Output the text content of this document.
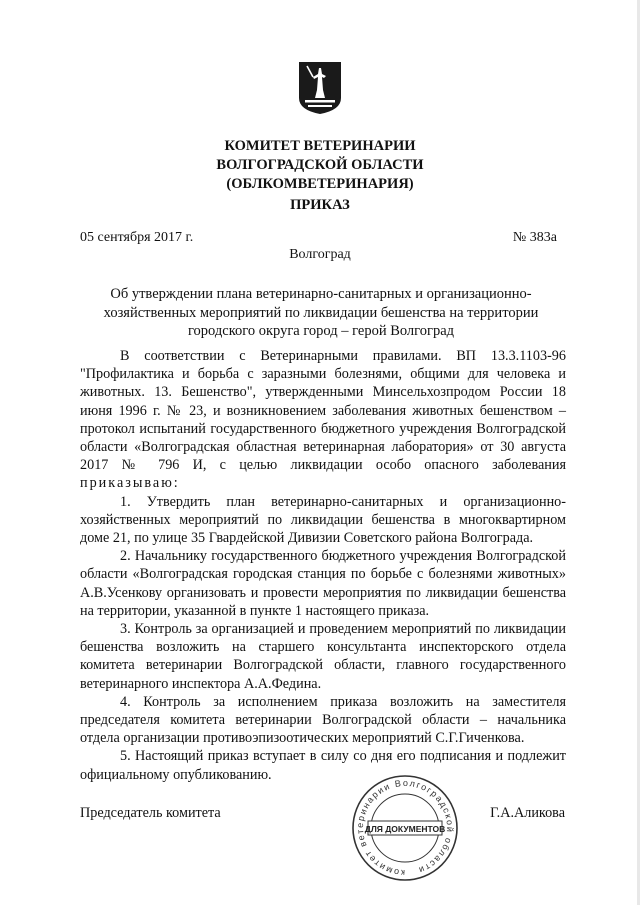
КОМИТЕТ ВЕТЕРИНАРИИ
ВОЛГОГРАДСКОЙ ОБЛАСТИ
(ОБЛКОМВЕТЕРИНАРИЯ)
ПРИКАЗ
05 сентября 2017 г.	№ 383а
Волгоград
Об утверждении плана ветеринарно-санитарных и организационно-
хозяйственных мероприятий по ликвидации бешенства на территории
городского округа город – герой Волгоград

В соответствии с Ветеринарными правилами. ВП 13.3.1103-96 "Профилактика и борьба с заразными болезнями, общими для человека и животных. 13. Бешенство", утвержденными Минсельхозпродом России 18 июня 1996 г. № 23, и возникновением заболевания животных бешенством – протокол испытаний государственного бюджетного учреждения Волгоградской области «Волгоградская областная ветеринарная лаборатория» от 30 августа 2017 № 796 И, с целью ликвидации особо опасного заболевания приказываю:

1. Утвердить план ветеринарно-санитарных и организационно-хозяйственных мероприятий по ликвидации бешенства в многоквартирном доме 21, по улице 35 Гвардейской Дивизии Советского района Волгограда.

2. Начальнику государственного бюджетного учреждения Волгоградской области «Волгоградская городская станция по борьбе с болезнями животных» А.В.Усенкову организовать и провести мероприятия по ликвидации бешенства на территории, указанной в пункте 1 настоящего приказа.

3. Контроль за организацией и проведением мероприятий по ликвидации бешенства возложить на старшего консультанта инспекторского отдела комитета ветеринарии Волгоградской области, главного государственного ветеринарного инспектора А.А.Федина.

4. Контроль за исполнением приказа возложить на заместителя председателя комитета ветеринарии Волгоградской области – начальника отдела организации противоэпизоотических мероприятий С.Г.Гиченкова.

5. Настоящий приказ вступает в силу со дня его подписания и подлежит официальному опубликованию.

Председатель комитета	Г.А.Аликова
комитет ветеринарии Волгоградской области
ДЛЯ ДОКУМЕНТОВ
